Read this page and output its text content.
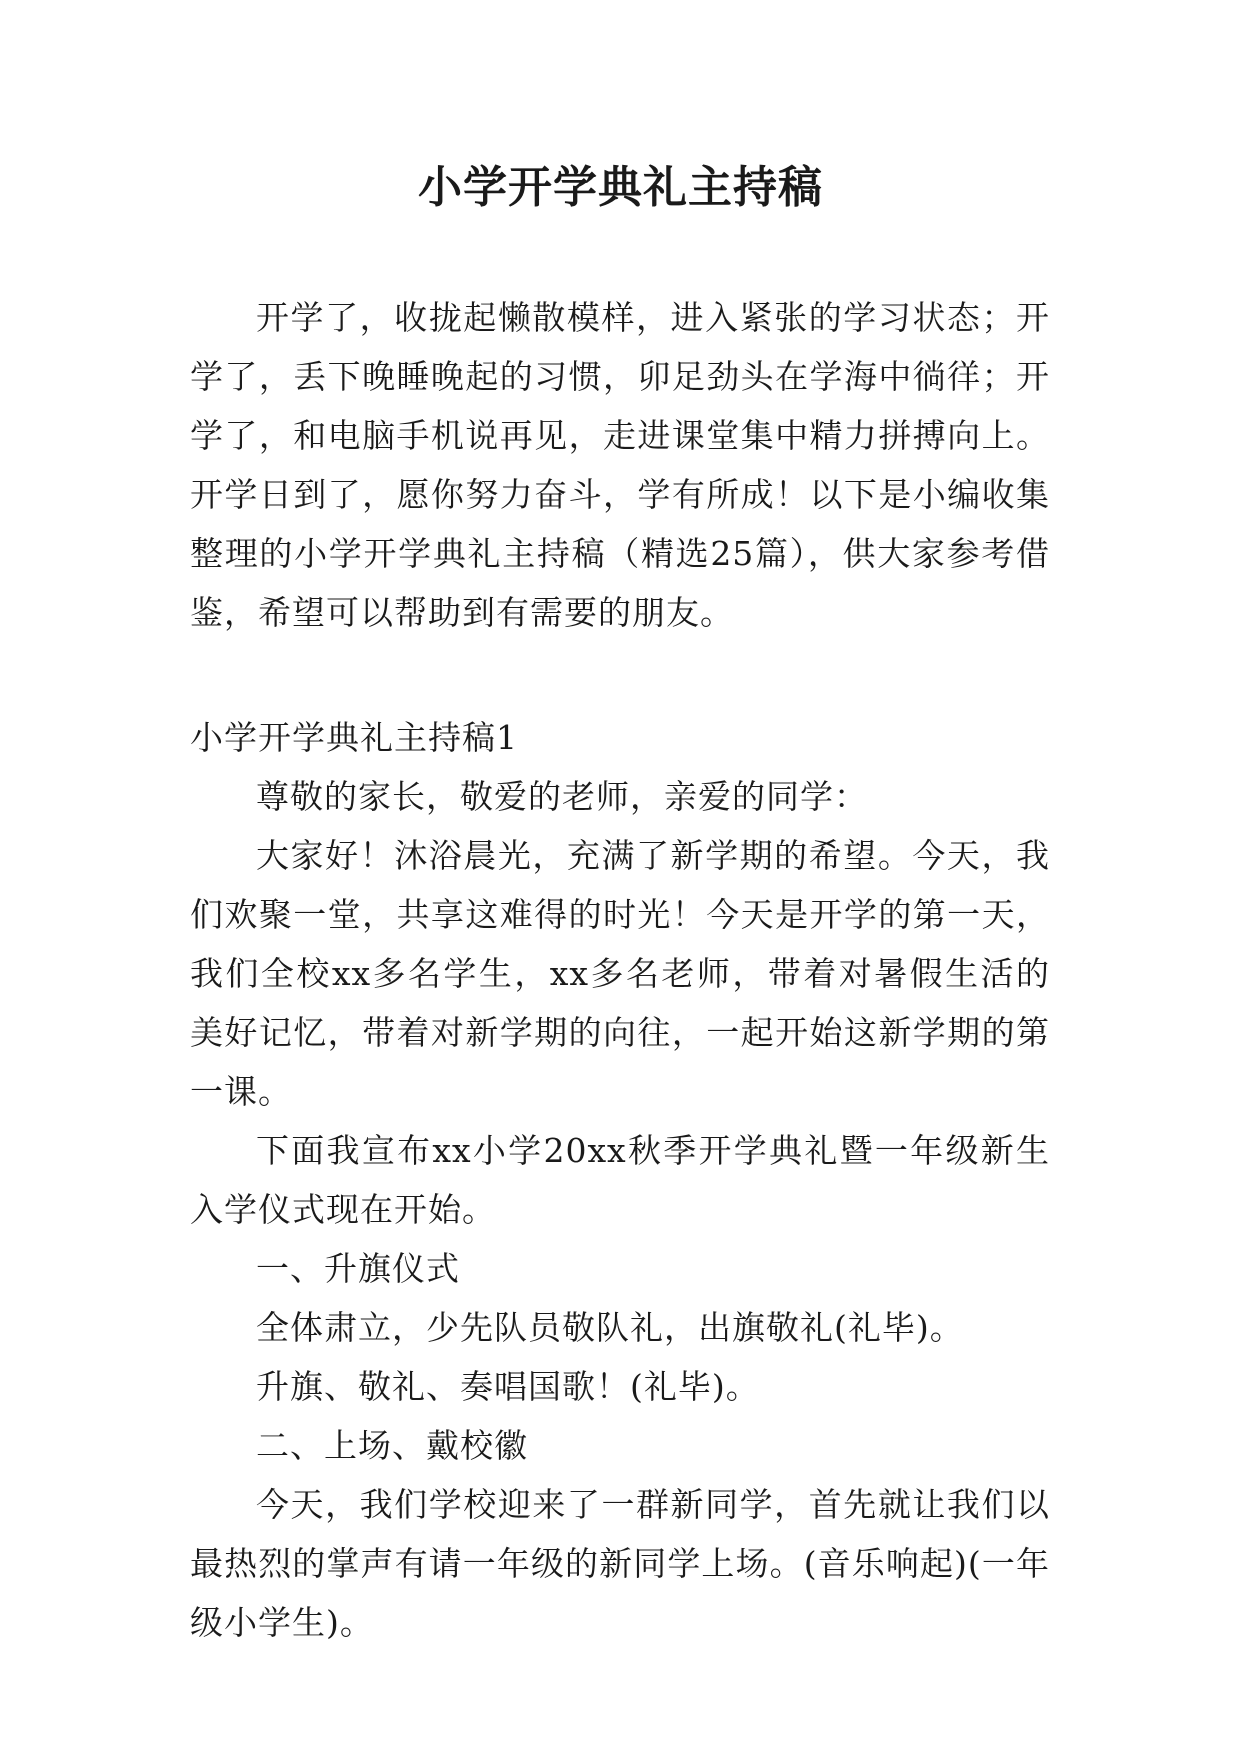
小学开学典礼主持稿

开学了，收拢起懒散模样，进入紧张的学习状态；开学了，丢下晚睡晚起的习惯，卯足劲头在学海中徜徉；开学了，和电脑手机说再见，走进课堂集中精力拼搏向上。开学日到了，愿你努力奋斗，学有所成！以下是小编收集整理的小学开学典礼主持稿（精选25篇），供大家参考借鉴，希望可以帮助到有需要的朋友。

小学开学典礼主持稿1

尊敬的家长，敬爱的老师，亲爱的同学：

大家好！沐浴晨光，充满了新学期的希望。今天，我们欢聚一堂，共享这难得的时光！今天是开学的第一天，我们全校xx多名学生，xx多名老师，带着对暑假生活的美好记忆，带着对新学期的向往，一起开始这新学期的第一课。

下面我宣布xx小学20xx秋季开学典礼暨一年级新生入学仪式现在开始。

一、升旗仪式

全体肃立，少先队员敬队礼，出旗敬礼(礼毕)。

升旗、敬礼、奏唱国歌！(礼毕)。

二、上场、戴校徽

今天，我们学校迎来了一群新同学，首先就让我们以最热烈的掌声有请一年级的新同学上场。(音乐响起)(一年级小学生)。
